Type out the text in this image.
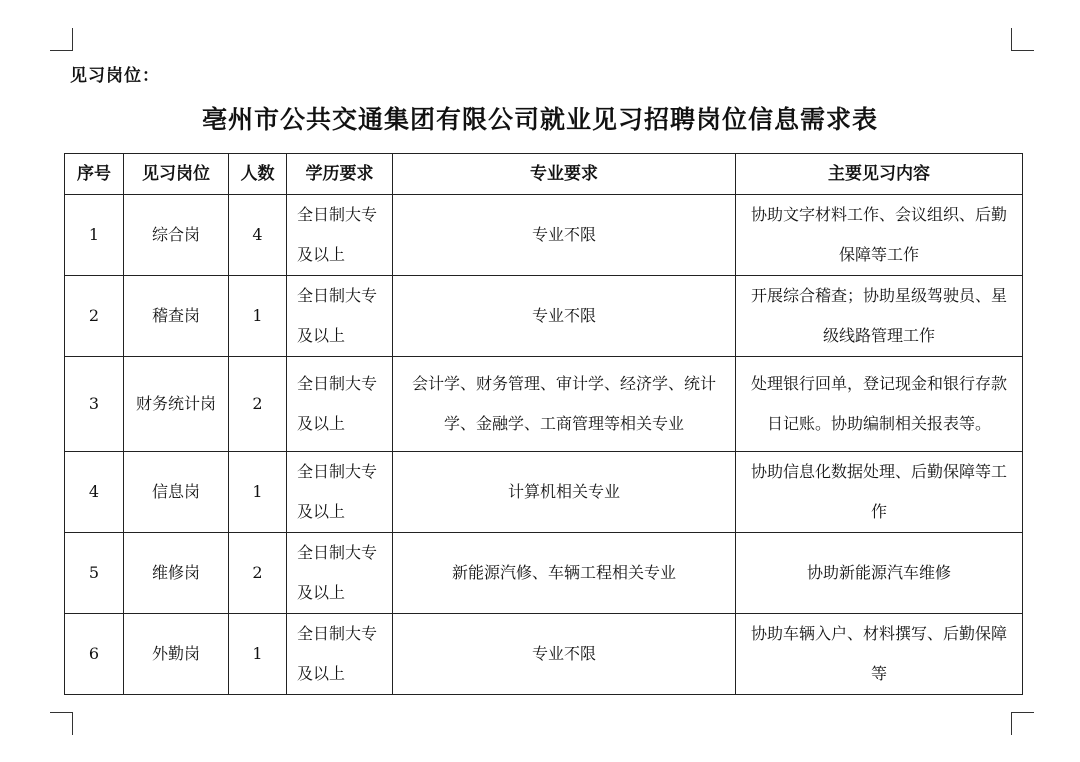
见习岗位：
亳州市公共交通集团有限公司就业见习招聘岗位信息需求表
序号	见习岗位	人数	学历要求	专业要求	主要见习内容
1	综合岗	4	全日制大专及以上	专业不限	协助文字材料工作、会议组织、后勤保障等工作
2	稽查岗	1	全日制大专及以上	专业不限	开展综合稽查；协助星级驾驶员、星级线路管理工作
3	财务统计岗	2	全日制大专及以上	会计学、财务管理、审计学、经济学、统计学、金融学、工商管理等相关专业	处理银行回单，登记现金和银行存款日记账。协助编制相关报表等。
4	信息岗	1	全日制大专及以上	计算机相关专业	协助信息化数据处理、后勤保障等工作
5	维修岗	2	全日制大专及以上	新能源汽修、车辆工程相关专业	协助新能源汽车维修
6	外勤岗	1	全日制大专及以上	专业不限	协助车辆入户、材料撰写、后勤保障等
